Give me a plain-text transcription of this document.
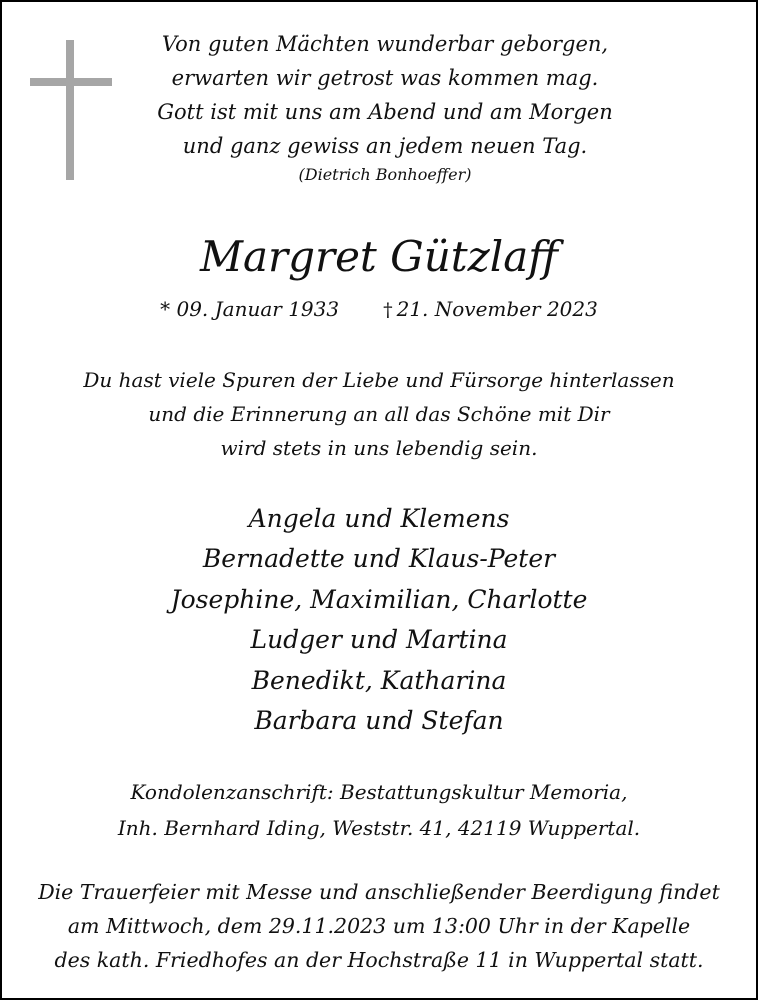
Von guten Mächten wunderbar geborgen,
erwarten wir getrost was kommen mag.
Gott ist mit uns am Abend und am Morgen
und ganz gewiss an jedem neuen Tag.
(Dietrich Bonhoeffer)
Margret Gützlaff
* 09. Januar 1933 † 21. November 2023
Du hast viele Spuren der Liebe und Fürsorge hinterlassen
und die Erinnerung an all das Schöne mit Dir
wird stets in uns lebendig sein.
Angela und Klemens
Bernadette und Klaus-Peter
Josephine, Maximilian, Charlotte
Ludger und Martina
Benedikt, Katharina
Barbara und Stefan
Kondolenzanschrift: Bestattungskultur Memoria,
Inh. Bernhard Iding, Weststr. 41, 42119 Wuppertal.
Die Trauerfeier mit Messe und anschließender Beerdigung findet
am Mittwoch, dem 29.11.2023 um 13:00 Uhr in der Kapelle
des kath. Friedhofes an der Hochstraße 11 in Wuppertal statt.
